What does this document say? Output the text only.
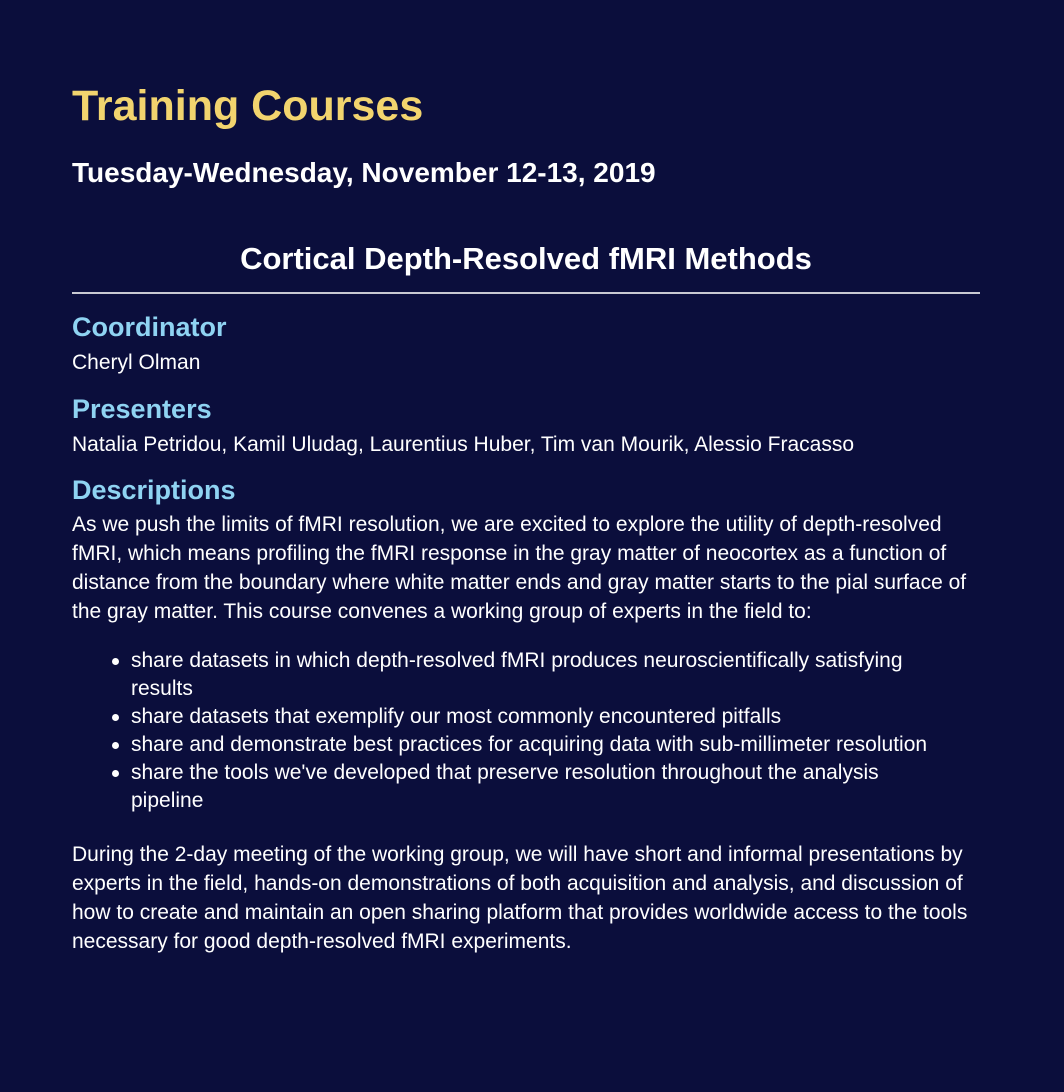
Training Courses
Tuesday-Wednesday, November 12-13, 2019
Cortical Depth-Resolved fMRI Methods
Coordinator

Cheryl Olman

Presenters

Natalia Petridou, Kamil Uludag, Laurentius Huber, Tim van Mourik, Alessio Fracasso

Descriptions

As we push the limits of fMRI resolution, we are excited to explore the utility of depth-resolved fMRI, which means profiling the fMRI response in the gray matter of neocortex as a function of distance from the boundary where white matter ends and gray matter starts to the pial surface of the gray matter. This course convenes a working group of experts in the field to:

share datasets in which depth-resolved fMRI produces neuroscientifically satisfying results
share datasets that exemplify our most commonly encountered pitfalls
share and demonstrate best practices for acquiring data with sub-millimeter resolution
share the tools we've developed that preserve resolution throughout the analysis pipeline

During the 2-day meeting of the working group, we will have short and informal presentations by experts in the field, hands-on demonstrations of both acquisition and analysis, and discussion of how to create and maintain an open sharing platform that provides worldwide access to the tools necessary for good depth-resolved fMRI experiments.
